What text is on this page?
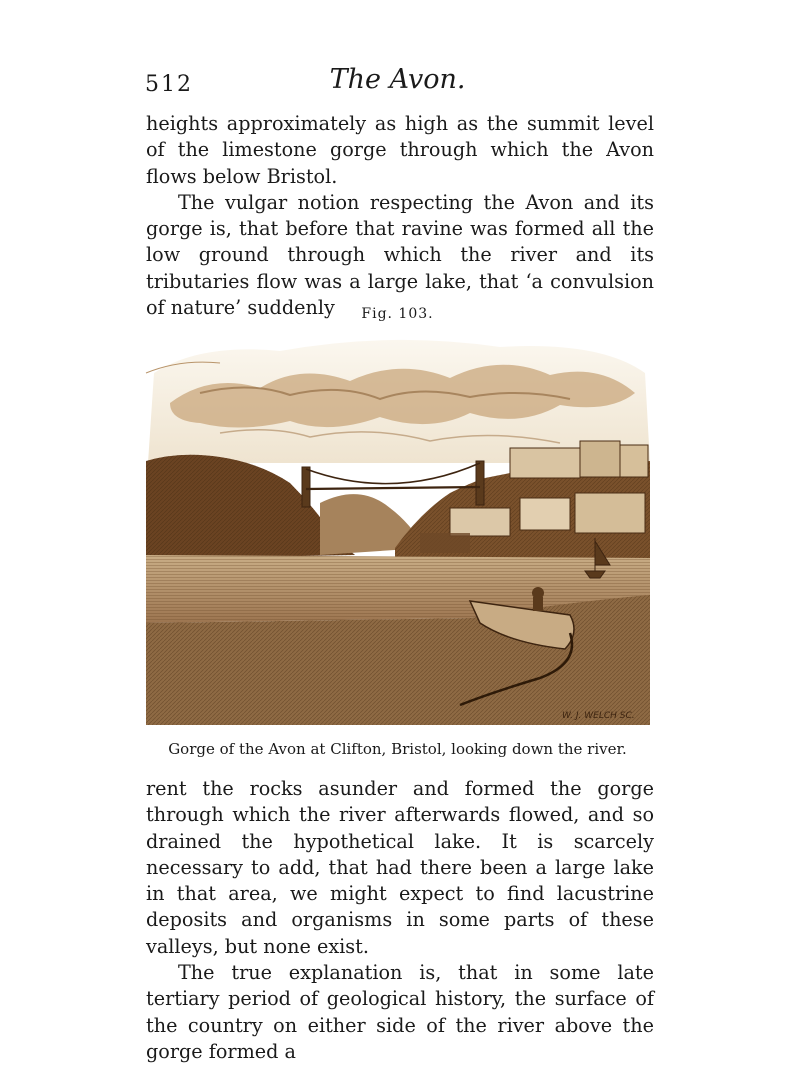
512	The Avon.

heights approximately as high as the summit level of the limestone gorge through which the Avon flows below Bristol.

The vulgar notion respecting the Avon and its gorge is, that before that ravine was formed all the low ground through which the river and its tributaries flow was a large lake, that ‘a convulsion of nature’ suddenly	Fig. 103.
W. J. WELCH SC.
Gorge of the Avon at Clifton, Bristol, looking down the river.

rent the rocks asunder and formed the gorge through which the river afterwards flowed, and so drained the hypothetical lake. It is scarcely necessary to add, that had there been a large lake in that area, we might expect to find lacustrine deposits and organisms in some parts of these valleys, but none exist.

The true explanation is, that in some late tertiary period of geological history, the surface of the country on either side of the river above the gorge formed a
